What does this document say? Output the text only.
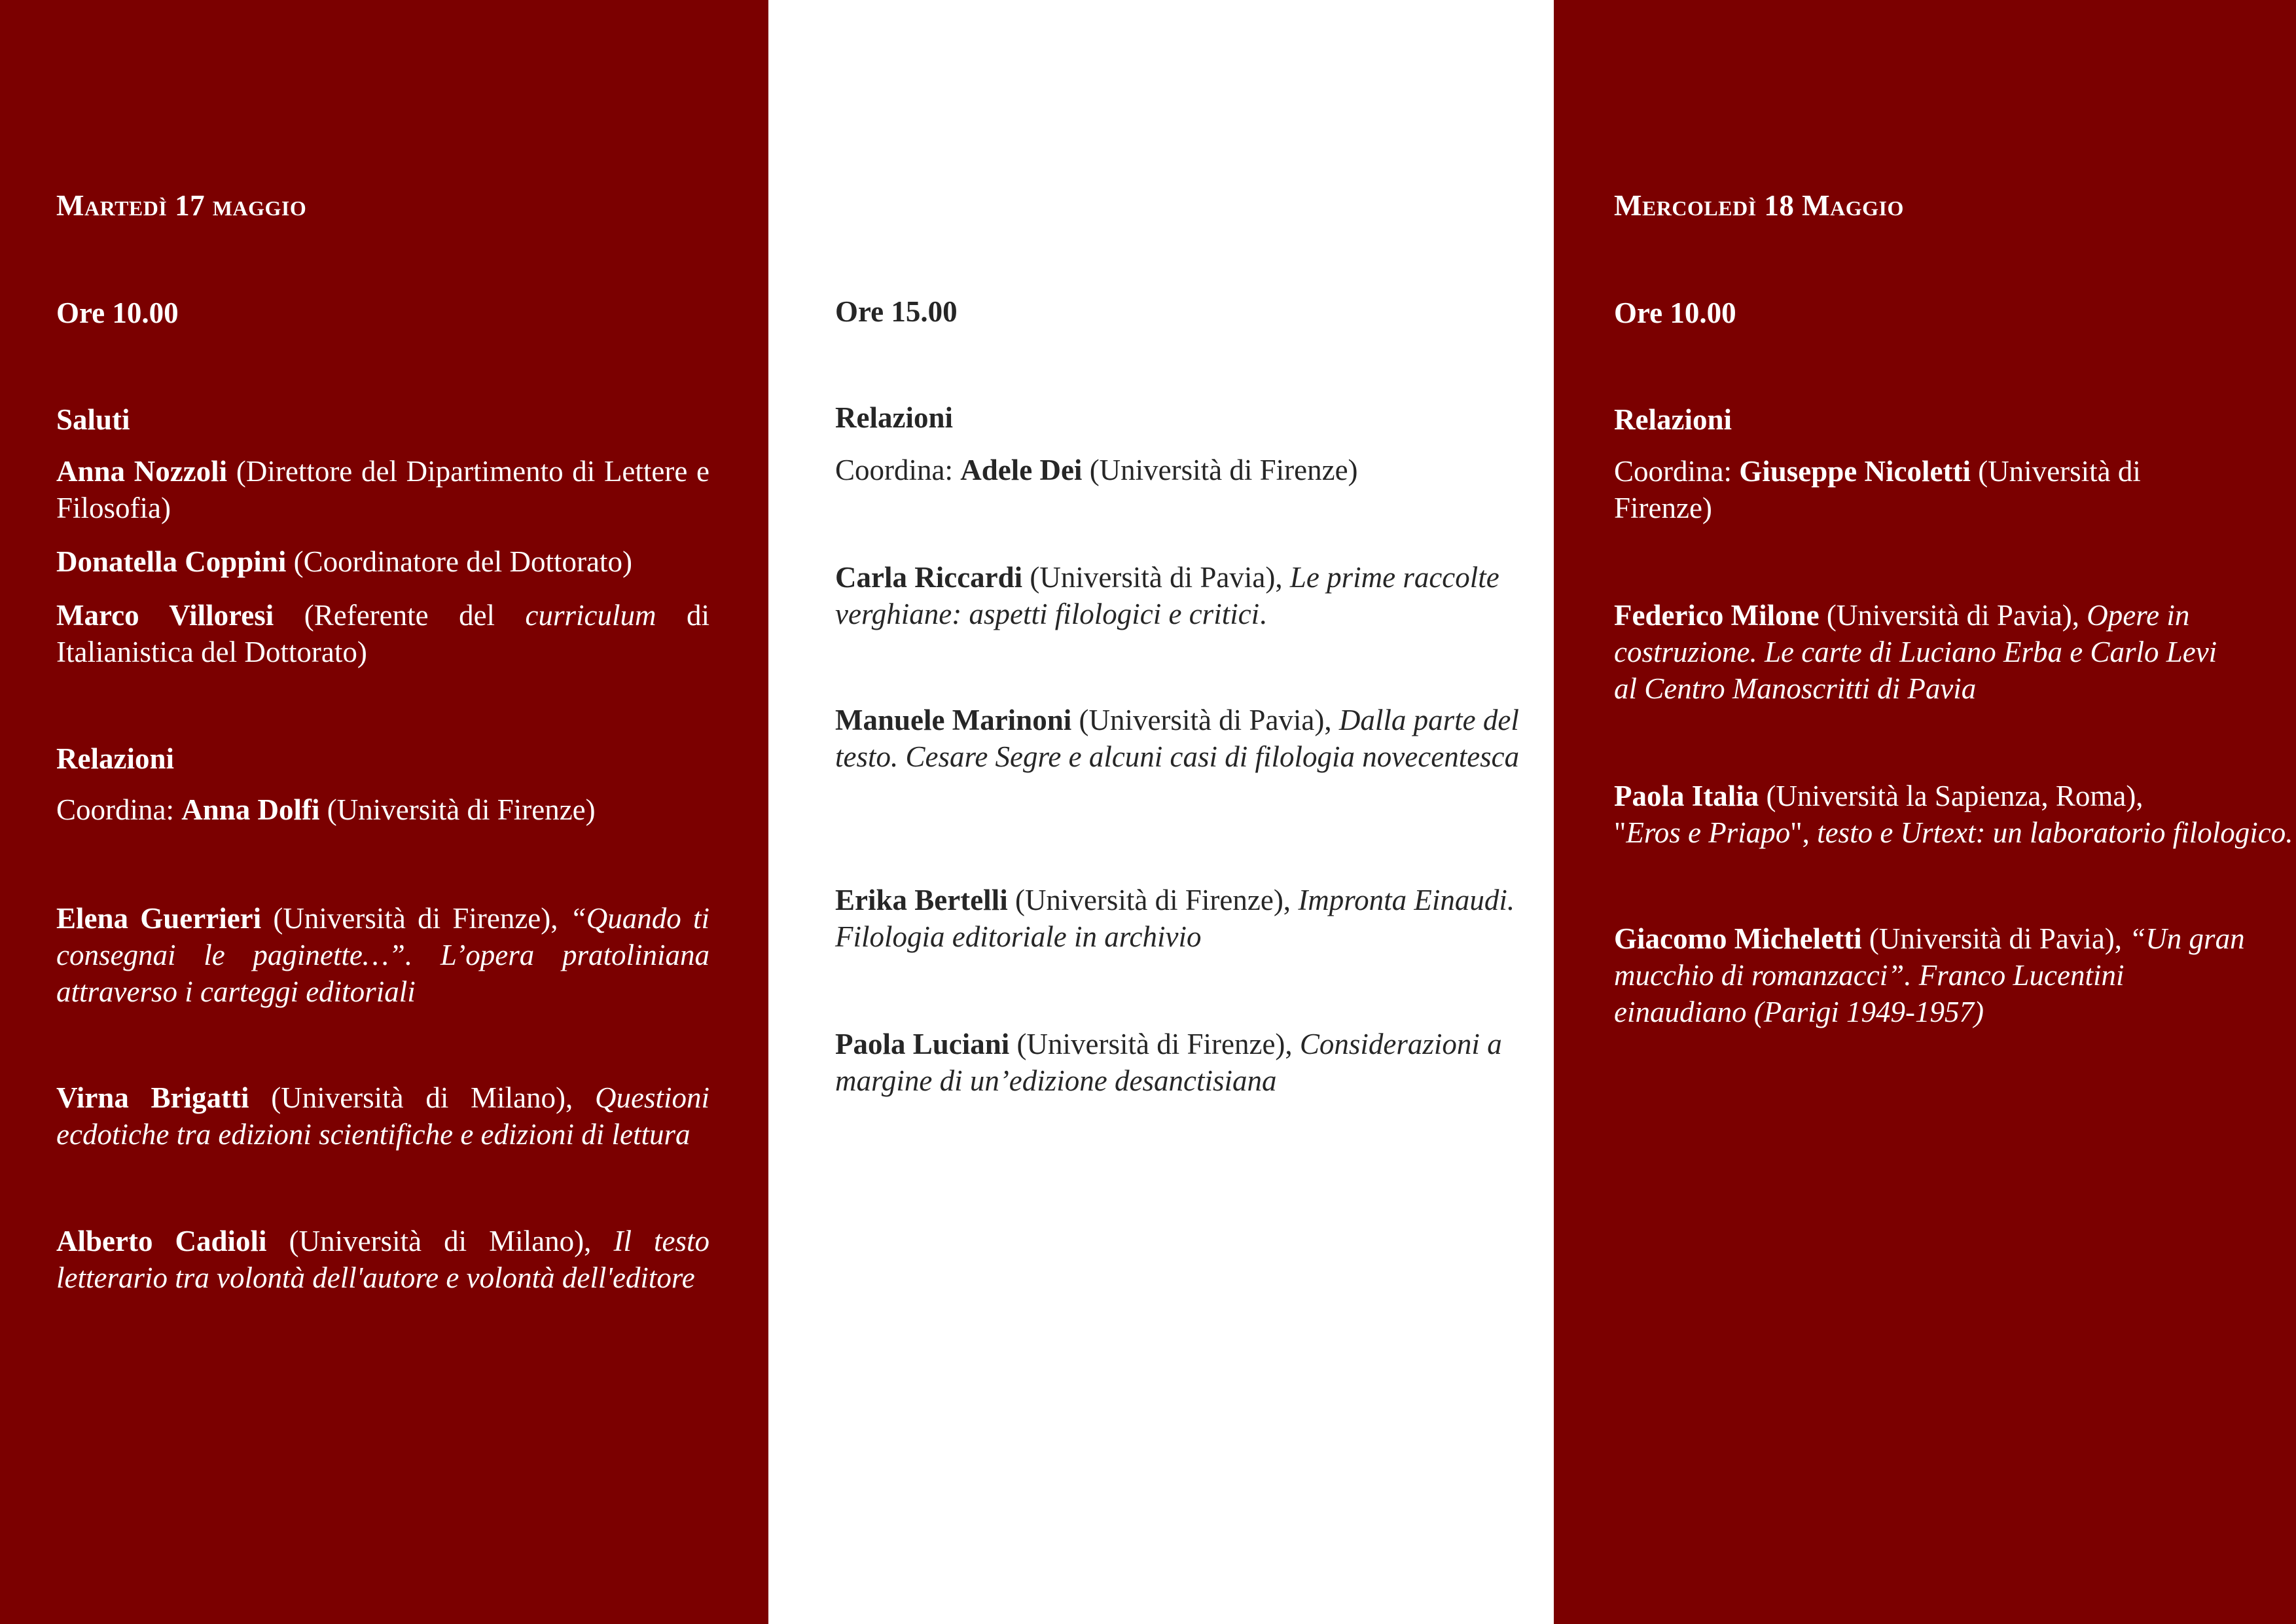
Martedì 17 maggio
Ore 10.00
Saluti
Anna Nozzoli (Direttore del Dipartimento di Lettere e Filosofia)
Donatella Coppini (Coordinatore del Dottorato)
Marco Villoresi (Referente del curriculum di Italianistica del Dottorato)
Relazioni
Coordina: Anna Dolfi (Università di Firenze)
Elena Guerrieri (Università di Firenze), “Quando ti consegnai le paginette…”. L’opera pratoliniana attraverso i carteggi editoriali
Virna Brigatti (Università di Milano), Questioni ecdotiche tra edizioni scientifiche e edizioni di lettura
Alberto Cadioli (Università di Milano), Il testo letterario tra volontà dell'autore e volontà dell'editore
Ore 15.00
Relazioni
Coordina: Adele Dei (Università di Firenze)
Carla Riccardi (Università di Pavia), Le prime raccolte verghiane: aspetti filologici e critici.
Manuele Marinoni (Università di Pavia), Dalla parte del testo. Cesare Segre e alcuni casi di filologia novecentesca
Erika Bertelli (Università di Firenze), Impronta Einaudi. Filologia editoriale in archivio
Paola Luciani (Università di Firenze), Considerazioni a margine di un’edizione desanctisiana
Mercoledì 18 Maggio
Ore 10.00
Relazioni
Coordina: Giuseppe Nicoletti (Università di Firenze)
Federico Milone (Università di Pavia), Opere in costruzione. Le carte di Luciano Erba e Carlo Levi al Centro Manoscritti di Pavia
Paola Italia (Università la Sapienza, Roma),
"Eros e Priapo", testo e Urtext: un laboratorio filologico.
Giacomo Micheletti (Università di Pavia), “Un gran mucchio di romanzacci”. Franco Lucentini einaudiano (Parigi 1949-1957)
